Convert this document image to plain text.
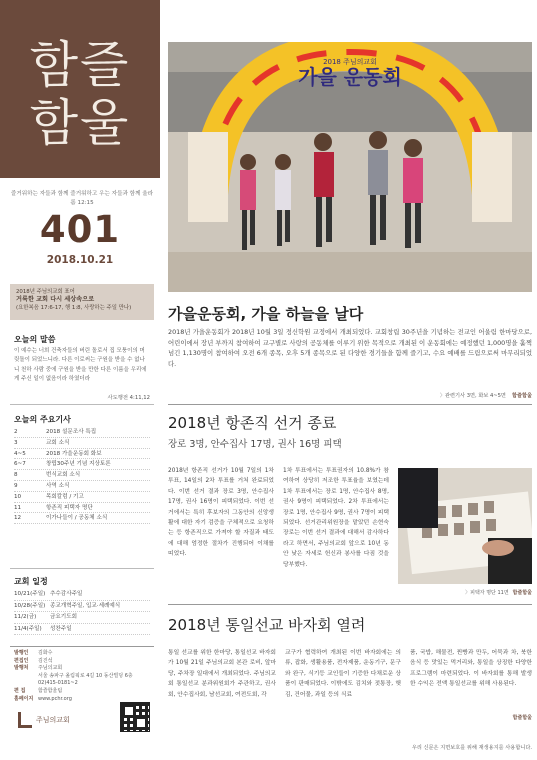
함즐
함울
즐거워하는 자들과 함께 즐거워하고 우는 자들과 함께 울라 롬 12:15
401
2018.10.21
2018년 주님의교회 표어
거룩한 교회 다시 세상속으로
(요한복음 17:6-17, 행 1:8, 사랑하는 주일 만나)
오늘의 말씀
이 예수는 너희 건축자들의 버린 돌로서 집 모퉁이의 머릿돌이 되었느니라. 다른 이로써는 구원을 받을 수 없나니 천하 사람 중에 구원을 받을 만한 다른 이름을 우리에게 주신 일이 없음이라 하였더라
사도행전 4:11,12
오늘의 주요기사
2	2018 설문조사 특집
3	교회 소식
4~5	2018 가을운동회 화보
6~7	창립30주년 기념 지상토론
8	번식교회 소식
9	사역 소식
10	목회칼럼 / 기고
11	항존직 피택자 명단
12	이가나들이 / 공동체 소식
교회 일정
10/21(주일) 추수감사주일
10/28(주일) 종교개혁주일, 입교·세례예식
11/2(금)	금요기도회
11/4(주일)	성찬주일
발행인	김화수
편집인	김진석
발행처	주님의교회
서울 송파구 올림픽로 4길 10 동산빌딩 6층
02)415-0181~2
편 집	함즐함울팀
홈페이지 www.pchr.org
주님의교회
가을 운동회
2018 주님의교회
가을운동회, 가을 하늘을 날다
2018년 가을운동회가 2018년 10월 3일 정신학원 교정에서 개최되었다. 교회창립 30주년을 기념하는 전교인 어울림 한마당으로, 어린이에서 장년 부까지 참여하여 교구별로 사랑의 공동체를 이루기 위한 목적으로 개최된 이 운동회에는 예정했던 1,000명을 훌쩍 넘긴 1,130명이 참여하여 오전 6개 종목, 오후 5개 종목으로 된 다양한 경기들을 함께 즐기고, 수요 예배를 드림으로써 마무리되었다.
〉관련기사 3면, 화보 4~5면 함즐함울
2018년 항존직 선거 종료
장로 3명, 안수집사 17명, 권사 16명 피택
2018년 항존직 선거가 10월 7일의 1차 투표, 14일의 2차 투표를 거쳐 완료되었다. 이번 선거 결과 장로 3명, 안수집사 17명, 권사 16명이 피택되었다. 이번 선거에서는 특히 후보자의 그동안의 신앙생활에 대한 자기 검증을 구체적으로 요청하는 등 항존직으로 가져야 할 자질과 태도에 대해 엄정한 절차가 진행되어 이채를 띠었다.
1차 투표에서는 투표권자의 10.8%가 참여하여 상당히 저조한 투표율을 보였는데 1차 투표에서는 장로 1명, 안수집사 8명, 권사 9명이 피택되었다. 2차 투표에서는 장로 1명, 안수집사 9명, 권사 7명이 피택되었다. 선거관리위원장을 맡았던 손현숙 장로는 이번 선거 결과에 대해서 감사하다라고 하면서, 주님의교회 앞으로 10년 동안 낮은 자세로 헌신과 봉사를 다짐 것을 당부했다.
〉피택자 명단 11면 함즐함울
2018년 통일선교 바자회 열려
통일 선교를 위한 한마당, 통일선교 바자회가 10월 21일 주님의교회 본관 로비, 앞마당, 주차장 일대에서 개최되었다. 주님의교회 통일선교 분과위원회가 주관하고, 권사회, 안수집사회, 남선교회, 여전도회, 각
교구가 협력하여 개최된 이번 바자회에는 의류, 잡화, 생활용품, 전자제품, 운동기구, 문구와 완구, 식기등 교인들이 기증한 다채로운 상품이 판매되었다. 이밖에도 김치와 젓통장, 햇김, 건어물, 과일 등의 식료
품, 국밥, 해물전, 찐빵과 만두, 어묵과 차, 북한 음식 등 맛있는 먹거리와, 통일을 상징한 다양한 프로그램이 마련되었다. 이 바자회를 통해 발생한 수익은 전액 통일선교를 위해 사용된다.
함즐함울
우리 신문은 지면보호를 위해 재생용지를 사용합니다.
